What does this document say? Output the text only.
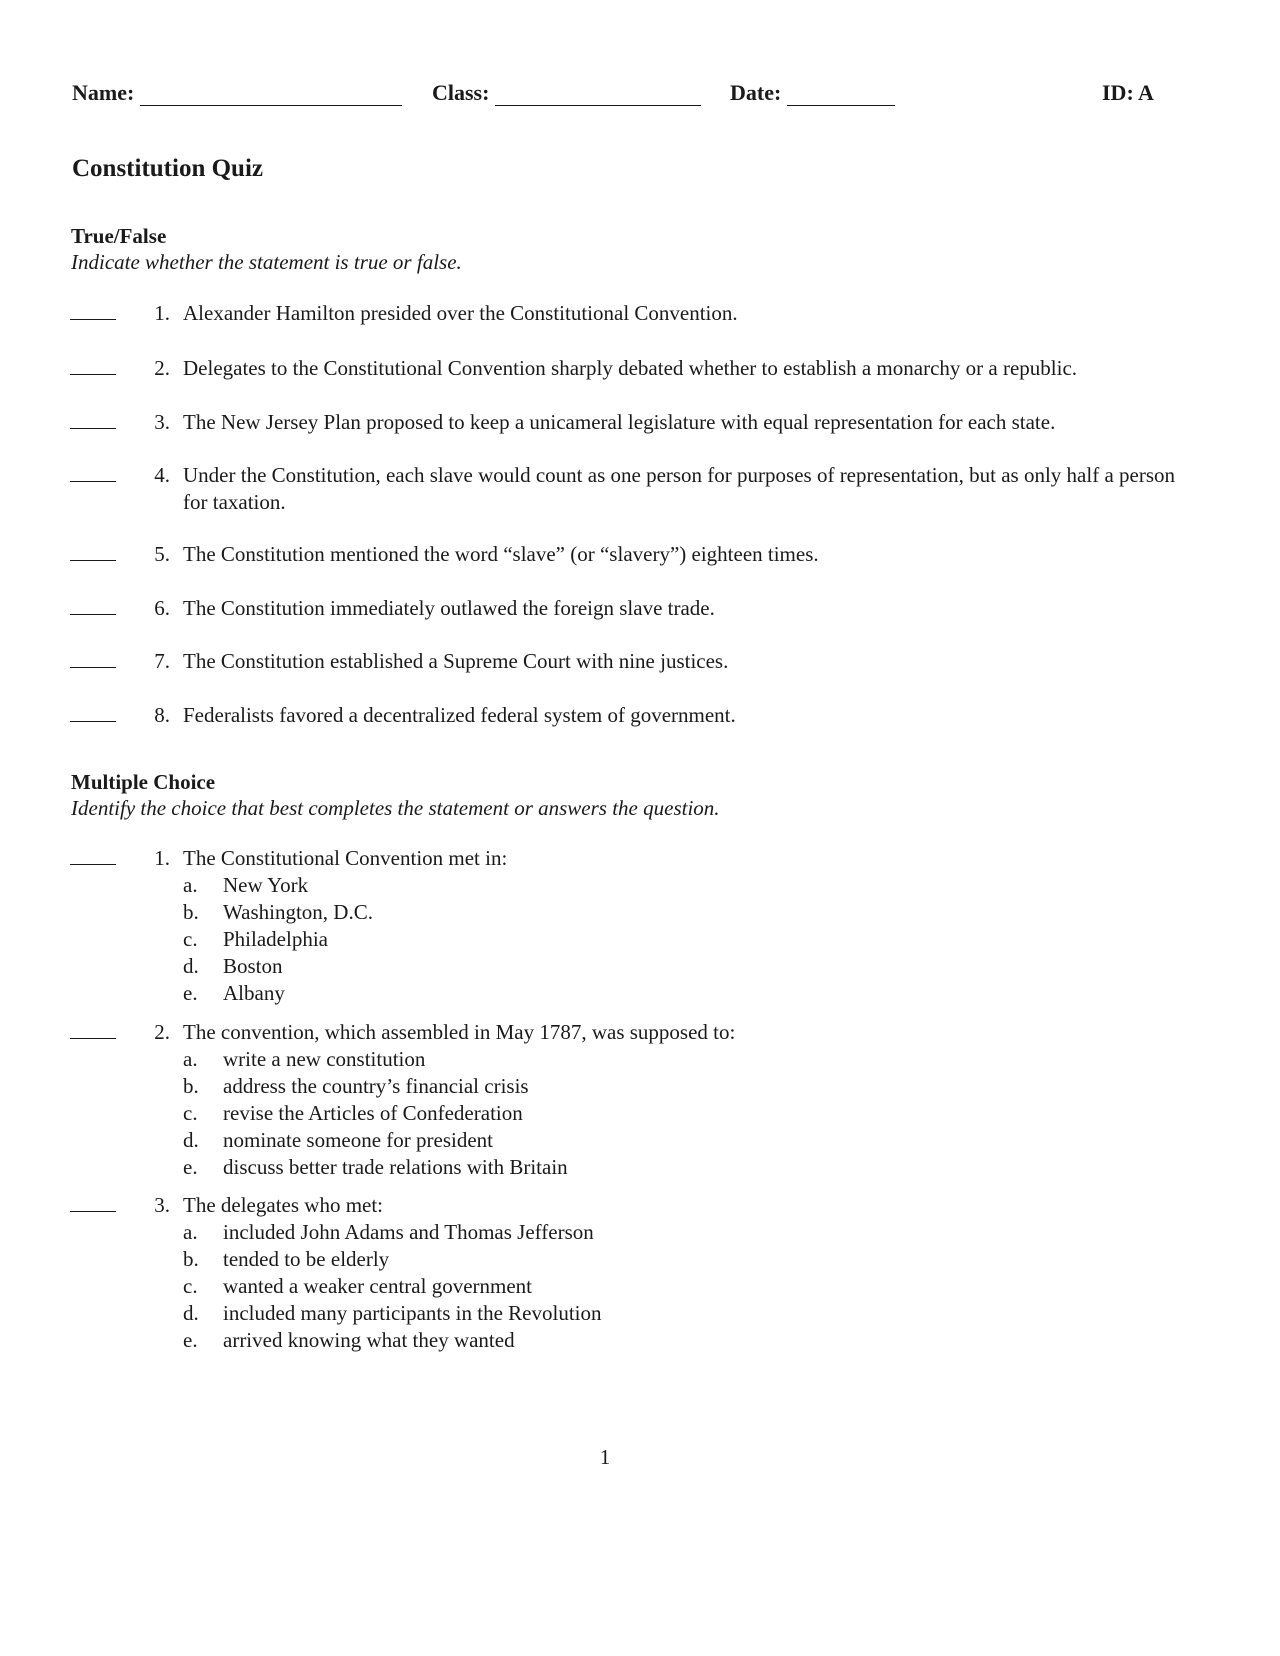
Name:	Class:	Date:	ID: A
Constitution Quiz
True/False
Indicate whether the statement is true or false.
1. Alexander Hamilton presided over the Constitutional Convention.
2. Delegates to the Constitutional Convention sharply debated whether to establish a monarchy or a republic.
3. The New Jersey Plan proposed to keep a unicameral legislature with equal representation for each state.
4. Under the Constitution, each slave would count as one person for purposes of representation, but as only half a person for taxation.
5. The Constitution mentioned the word “slave” (or “slavery”) eighteen times.
6. The Constitution immediately outlawed the foreign slave trade.
7. The Constitution established a Supreme Court with nine justices.
8. Federalists favored a decentralized federal system of government.
Multiple Choice
Identify the choice that best completes the statement or answers the question.
1. The Constitutional Convention met in:
a.	New York
b.	Washington, D.C.
c.	Philadelphia
d.	Boston
e.	Albany
2. The convention, which assembled in May 1787, was supposed to:
a.	write a new constitution
b.	address the country’s financial crisis
c.	revise the Articles of Confederation
d.	nominate someone for president
e.	discuss better trade relations with Britain
3. The delegates who met:
a.	included John Adams and Thomas Jefferson
b.	tended to be elderly
c.	wanted a weaker central government
d.	included many participants in the Revolution
e.	arrived knowing what they wanted
1
